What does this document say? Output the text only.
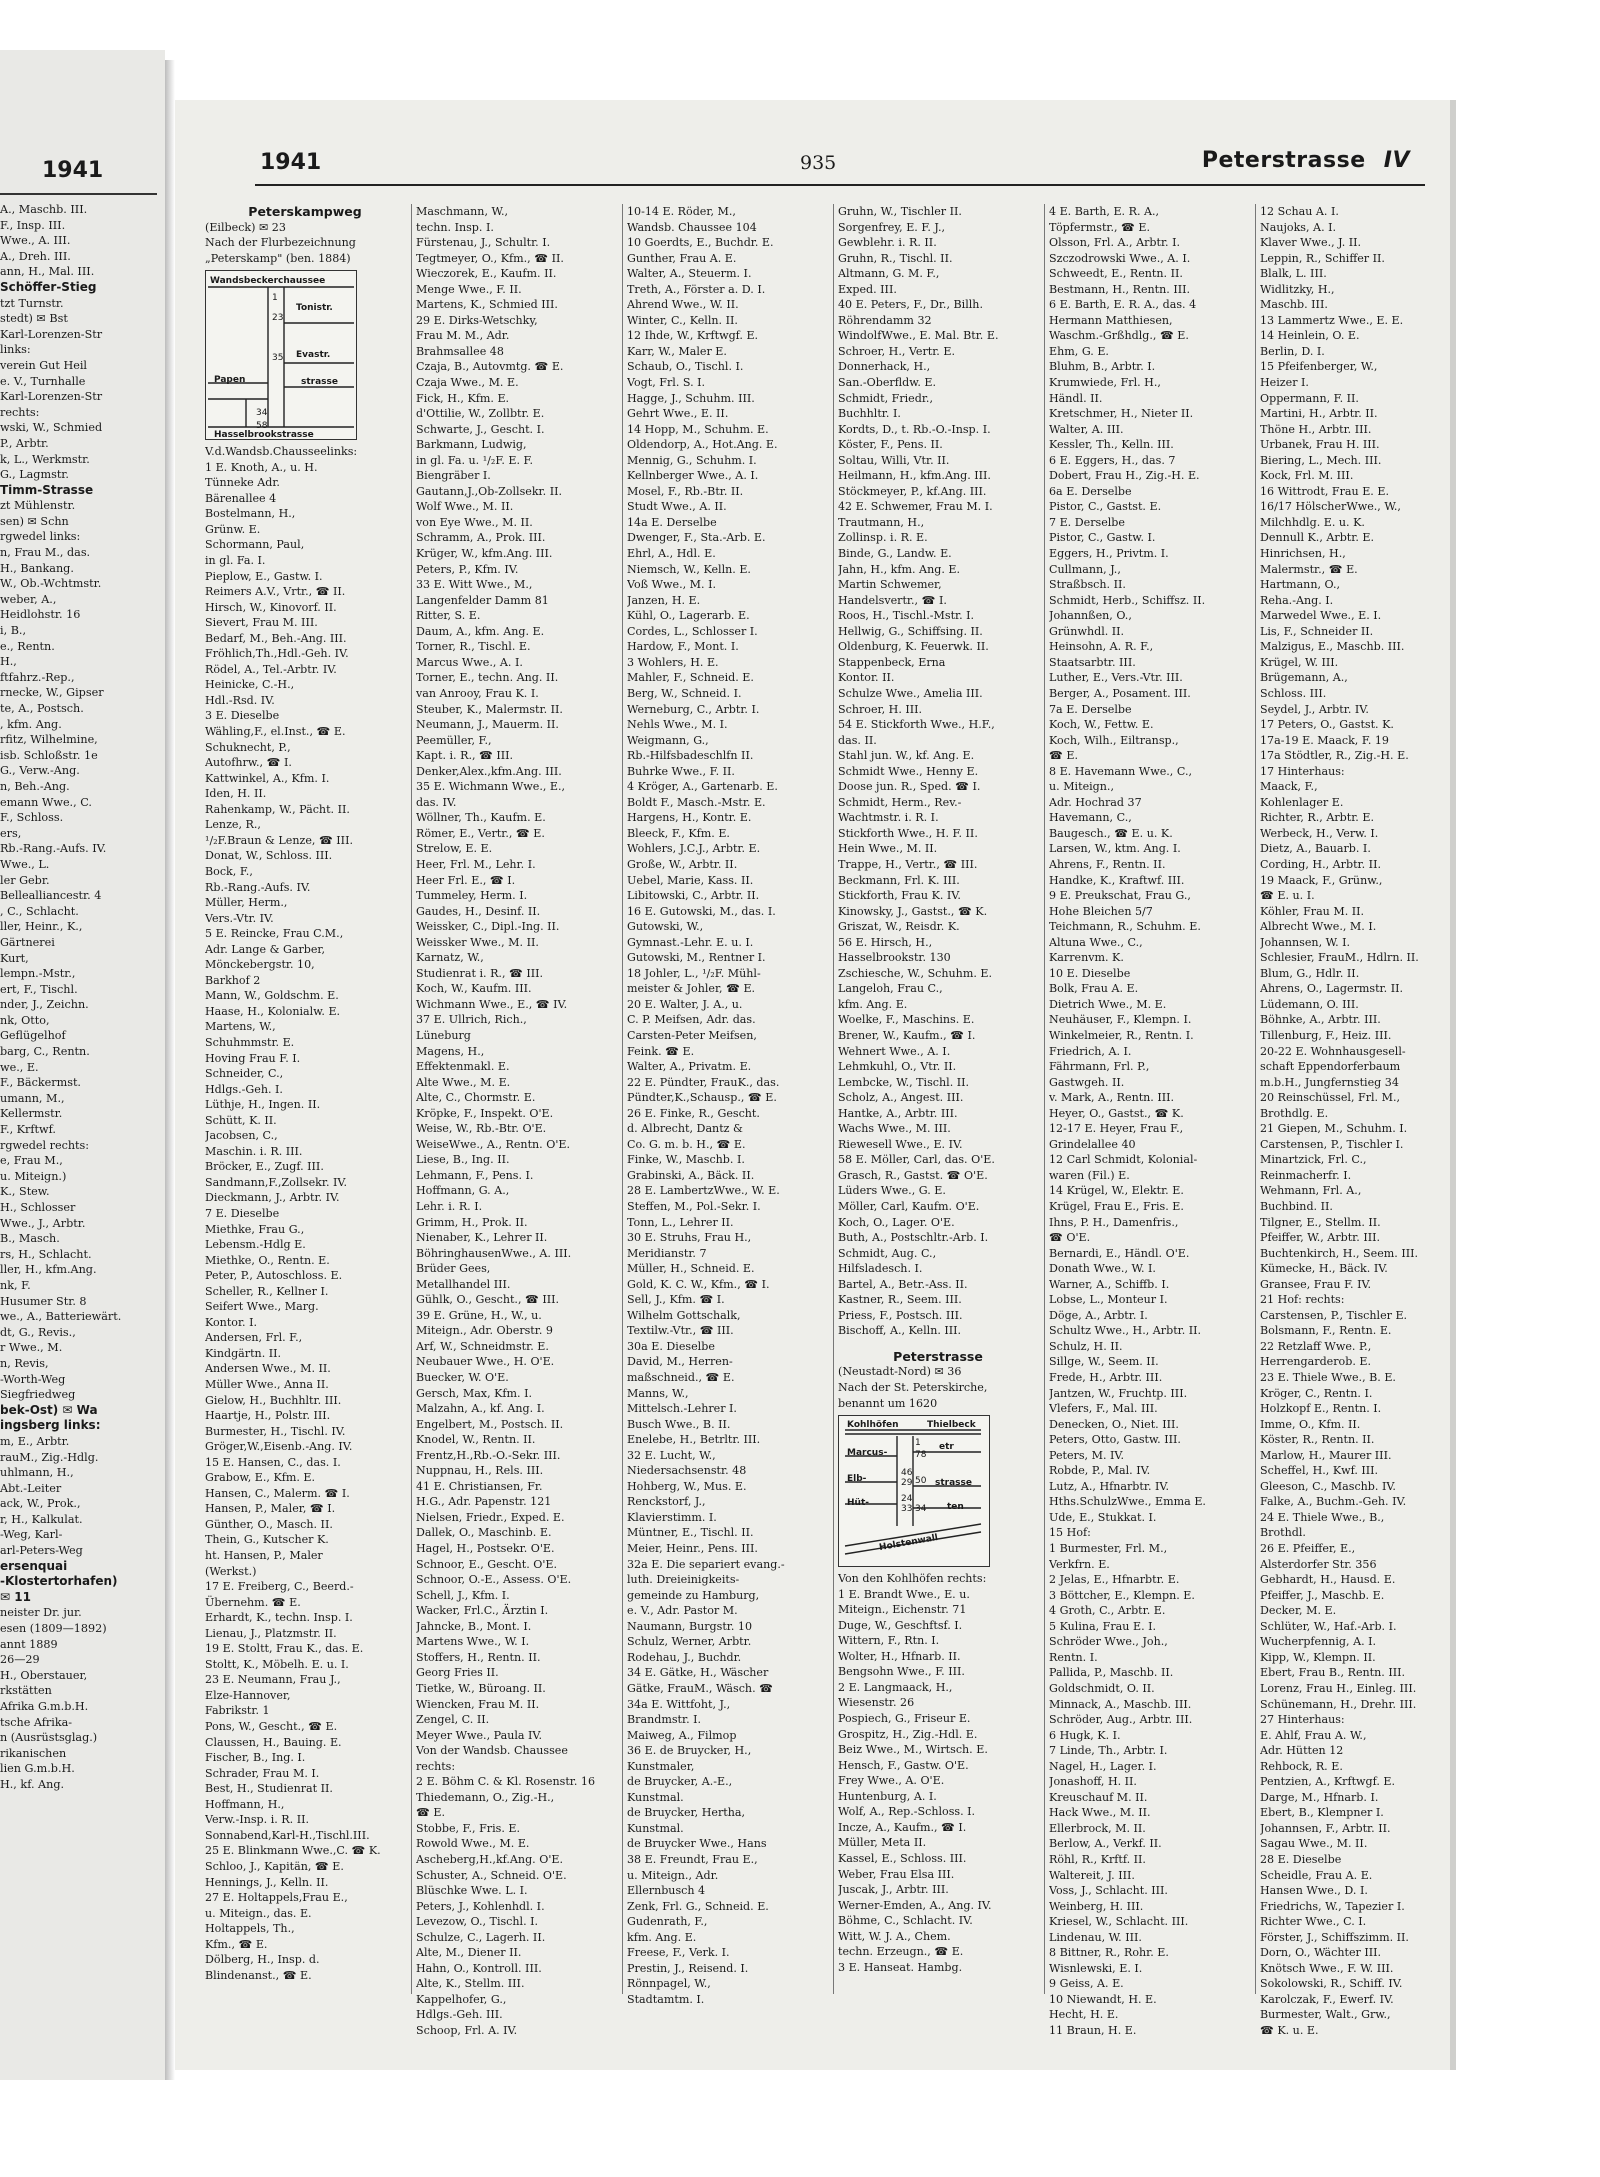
1941
A., Maschb. III.
F., Insp. III.
Wwe., A. III.
A., Dreh. III.
ann, H., Mal. III.
Schöffer-Stieg
tzt Turnstr.
stedt) ✉ Bst
Karl-Lorenzen-Str
links:
verein Gut Heil
e. V., Turnhalle
Karl-Lorenzen-Str
rechts:
wski, W., Schmied
P., Arbtr.
k, L., Werkmstr.
G., Lagmstr.
Timm-Strasse
zt Mühlenstr.
sen) ✉ Schn
rgwedel links:
n, Frau M., das.
H., Bankang.
W., Ob.-Wchtmstr.
weber, A.,
Heidlohstr. 16
i, B.,
e., Rentn.
H.,
ftfahrz.-Rep.,
rnecke, W., Gipser
te, A., Postsch.
, kfm. Ang.
rfitz, Wilhelmine,
isb. Schloßstr. 1e
G., Verw.-Ang.
n, Beh.-Ang.
emann Wwe., C.
F., Schloss.
ers,
Rb.-Rang.-Aufs. IV.
Wwe., L.
ler Gebr.
Bellealliancestr. 4
, C., Schlacht.
ller, Heinr., K.,
Gärtnerei
Kurt,
lempn.-Mstr.,
ert, F., Tischl.
nder, J., Zeichn.
nk, Otto,
Geflügelhof
barg, C., Rentn.
we., E.
F., Bäckermst.
umann, M.,
Kellermstr.
F., Krftwf.
rgwedel rechts:
e, Frau M.,
u. Miteign.)
K., Stew.
H., Schlosser
Wwe., J., Arbtr.
B., Masch.
rs, H., Schlacht.
ller, H., kfm.Ang.
nk, F.
Husumer Str. 8
we., A., Batteriewärt.
dt, G., Revis.,
r Wwe., M.
n, Revis,
-Worth-Weg
Siegfriedweg
bek-Ost) ✉ Wa
ingsberg links:
m, E., Arbtr.
rauM., Zig.-Hdlg.
uhlmann, H.,
Abt.-Leiter
ack, W., Prok.,
r, H., Kalkulat.
-Weg, Karl-
arl-Peters-Weg
ersenquai
-Klostertorhafen)
✉ 11
neister Dr. jur.
esen (1809—1892)
annt 1889
26—29
H., Oberstauer,
rkstätten
Afrika G.m.b.H.
tsche Afrika-
n (Ausrüstsglag.)
rikanischen
lien G.m.b.H.
H., kf. Ang.
1941	935	Peterstrasse IV
Peterskampweg
(Eilbeck) ✉ 23
Nach der Flurbezeichnung
„Peterskamp" (ben. 1884)
Wandsbeckerchaussee
Tonistr.
Evastr.
strasse
Papen
Hasselbrookstrasse
1
23
35
34
58
V.d.Wandsb.Chausseelinks:
1 E. Knoth, A., u. H.
Tünneke Adr.
Bärenallee 4
Bostelmann, H.,
Grünw. E.
Schormann, Paul,
in gl. Fa. I.
Pieplow, E., Gastw. I.
Reimers A.V., Vrtr., ☎ II.
Hirsch, W., Kinovorf. II.
Sievert, Frau M. III.
Bedarf, M., Beh.-Ang. III.
Fröhlich,Th.,Hdl.-Geh. IV.
Rödel, A., Tel.-Arbtr. IV.
Heinicke, C.-H.,
Hdl.-Rsd. IV.
3 E. Dieselbe
Wähling,F., el.Inst., ☎ E.
Schuknecht, P.,
Autofhrw., ☎ I.
Kattwinkel, A., Kfm. I.
Iden, H. II.
Rahenkamp, W., Pächt. II.
Lenze, R.,
¹/₂F.Braun & Lenze, ☎ III.
Donat, W., Schloss. III.
Bock, F.,
Rb.-Rang.-Aufs. IV.
Müller, Herm.,
Vers.-Vtr. IV.
5 E. Reincke, Frau C.M.,
Adr. Lange & Garber,
Mönckebergstr. 10,
Barkhof 2
Mann, W., Goldschm. E.
Haase, H., Kolonialw. E.
Martens, W.,
Schuhmmstr. E.
Hoving Frau F. I.
Schneider, C.,
Hdlgs.-Geh. I.
Lüthje, H., Ingen. II.
Schütt, K. II.
Jacobsen, C.,
Maschin. i. R. III.
Bröcker, E., Zugf. III.
Sandmann,F.,Zollsekr. IV.
Dieckmann, J., Arbtr. IV.
7 E. Dieselbe
Miethke, Frau G.,
Lebensm.-Hdlg E.
Miethke, O., Rentn. E.
Peter, P., Autoschloss. E.
Scheller, R., Kellner I.
Seifert Wwe., Marg.
Kontor. I.
Andersen, Frl. F.,
Kindgärtn. II.
Andersen Wwe., M. II.
Müller Wwe., Anna II.
Gielow, H., Buchhltr. III.
Haartje, H., Polstr. III.
Burmester, H., Tischl. IV.
Gröger,W.,Eisenb.-Ang. IV.
15 E. Hansen, C., das. I.
Grabow, E., Kfm. E.
Hansen, C., Malerm. ☎ I.
Hansen, P., Maler, ☎ I.
Günther, O., Masch. II.
Thein, G., Kutscher K.
ht. Hansen, P., Maler
(Werkst.)
17 E. Freiberg, C., Beerd.-
Übernehm. ☎ E.
Erhardt, K., techn. Insp. I.
Lienau, J., Platzmstr. II.
19 E. Stoltt, Frau K., das. E.
Stoltt, K., Möbelh. E. u. I.
23 E. Neumann, Frau J.,
Elze-Hannover,
Fabrikstr. 1
Pons, W., Gescht., ☎ E.
Claussen, H., Bauing. E.
Fischer, B., Ing. I.
Schrader, Frau M. I.
Best, H., Studienrat II.
Hoffmann, H.,
Verw.-Insp. i. R. II.
Sonnabend,Karl-H.,Tischl.III.
25 E. Blinkmann Wwe.,C. ☎ K.
Schloo, J., Kapitän, ☎ E.
Hennings, J., Kelln. II.
27 E. Holtappels,Frau E.,
u. Miteign., das. E.
Holtappels, Th.,
Kfm., ☎ E.
Dölberg, H., Insp. d.
Blindenanst., ☎ E.
Maschmann, W.,
techn. Insp. I.
Fürstenau, J., Schultr. I.
Tegtmeyer, O., Kfm., ☎ II.
Wieczorek, E., Kaufm. II.
Menge Wwe., F. II.
Martens, K., Schmied III.
29 E. Dirks-Wetschky,
Frau M. M., Adr.
Brahmsallee 48
Czaja, B., Autovmtg. ☎ E.
Czaja Wwe., M. E.
Fick, H., Kfm. E.
d'Ottilie, W., Zollbtr. E.
Schwarte, J., Gescht. I.
Barkmann, Ludwig,
in gl. Fa. u. ¹/₂F. E. F.
Biengräber I.
Gautann,J.,Ob-Zollsekr. II.
Wolf Wwe., M. II.
von Eye Wwe., M. II.
Schramm, A., Prok. III.
Krüger, W., kfm.Ang. III.
Peters, P., Kfm. IV.
33 E. Witt Wwe., M.,
Langenfelder Damm 81
Ritter, S. E.
Daum, A., kfm. Ang. E.
Torner, R., Tischl. E.
Marcus Wwe., A. I.
Torner, E., techn. Ang. II.
van Anrooy, Frau K. I.
Steuber, K., Malermstr. II.
Neumann, J., Mauerm. II.
Peemüller, F.,
Kapt. i. R., ☎ III.
Denker,Alex.,kfm.Ang. III.
35 E. Wichmann Wwe., E.,
das. IV.
Wöllner, Th., Kaufm. E.
Römer, E., Vertr., ☎ E.
Strelow, E. E.
Heer, Frl. M., Lehr. I.
Heer Frl. E., ☎ I.
Tummeley, Herm. I.
Gaudes, H., Desinf. II.
Weissker, C., Dipl.-Ing. II.
Weissker Wwe., M. II.
Karnatz, W.,
Studienrat i. R., ☎ III.
Koch, W., Kaufm. III.
Wichmann Wwe., E., ☎ IV.
37 E. Ullrich, Rich.,
Lüneburg
Magens, H.,
Effektenmakl. E.
Alte Wwe., M. E.
Alte, C., Chormstr. E.
Kröpke, F., Inspekt. O'E.
Weise, W., Rb.-Btr. O'E.
WeiseWwe., A., Rentn. O'E.
Liese, B., Ing. II.
Lehmann, F., Pens. I.
Hoffmann, G. A.,
Lehr. i. R. I.
Grimm, H., Prok. II.
Nienaber, K., Lehrer II.
BöhringhausenWwe., A. III.
Brüder Gees,
Metallhandel III.
Gühlk, O., Gescht., ☎ III.
39 E. Grüne, H., W., u.
Miteign., Adr. Oberstr. 9
Arf, W., Schneidmstr. E.
Neubauer Wwe., H. O'E.
Buecker, W. O'E.
Gersch, Max, Kfm. I.
Malzahn, A., kf. Ang. I.
Engelbert, M., Postsch. II.
Knodel, W., Rentn. II.
Frentz,H.,Rb.-O.-Sekr. III.
Nuppnau, H., Rels. III.
41 E. Christiansen, Fr.
H.G., Adr. Papenstr. 121
Nielsen, Friedr., Exped. E.
Dallek, O., Maschinb. E.
Hagel, H., Postsekr. O'E.
Schnoor, E., Gescht. O'E.
Schnoor, O.-E., Assess. O'E.
Schell, J., Kfm. I.
Wacker, Frl.C., Ärztin I.
Jahncke, B., Mont. I.
Martens Wwe., W. I.
Stoffers, H., Rentn. II.
Georg Fries II.
Tietke, W., Büroang. II.
Wiencken, Frau M. II.
Zengel, C. II.
Meyer Wwe., Paula IV.
Von der Wandsb. Chaussee
rechts:
2 E. Böhm C. & Kl. Rosenstr. 16
Thiedemann, O., Zig.-H.,
☎ E.
Stobbe, F., Fris. E.
Rowold Wwe., M. E.
Ascheberg,H.,kf.Ang. O'E.
Schuster, A., Schneid. O'E.
Blüschke Wwe. L. I.
Peters, J., Kohlenhdl. I.
Levezow, O., Tischl. I.
Schulze, C., Lagerh. II.
Alte, M., Diener II.
Hahn, O., Kontroll. III.
Alte, K., Stellm. III.
Kappelhofer, G.,
Hdlgs.-Geh. III.
Schoop, Frl. A. IV.
10-14 E. Röder, M.,
Wandsb. Chaussee 104
10 Goerdts, E., Buchdr. E.
Gunther, Frau A. E.
Walter, A., Steuerm. I.
Treth, A., Förster a. D. I.
Ahrend Wwe., W. II.
Winter, C., Kelln. II.
12 Ihde, W., Krftwgf. E.
Karr, W., Maler E.
Schaub, O., Tischl. I.
Vogt, Frl. S. I.
Hagge, J., Schuhm. III.
Gehrt Wwe., E. II.
14 Hopp, M., Schuhm. E.
Oldendorp, A., Hot.Ang. E.
Mennig, G., Schuhm. I.
Kellnberger Wwe., A. I.
Mosel, F., Rb.-Btr. II.
Studt Wwe., A. II.
14a E. Derselbe
Dwenger, F., Sta.-Arb. E.
Ehrl, A., Hdl. E.
Niemsch, W., Kelln. E.
Voß Wwe., M. I.
Janzen, H. E.
Kühl, O., Lagerarb. E.
Cordes, L., Schlosser I.
Hardow, F., Mont. I.
3 Wohlers, H. E.
Mahler, F., Schneid. E.
Berg, W., Schneid. I.
Werneburg, C., Arbtr. I.
Nehls Wwe., M. I.
Weigmann, G.,
Rb.-Hilfsbadeschlfn II.
Buhrke Wwe., F. II.
4 Kröger, A., Gartenarb. E.
Boldt F., Masch.-Mstr. E.
Hargens, H., Kontr. E.
Bleeck, F., Kfm. E.
Wohlers, J.C.J., Arbtr. E.
Große, W., Arbtr. II.
Uebel, Marie, Kass. II.
Libitowski, C., Arbtr. II.
16 E. Gutowski, M., das. I.
Gutowski, W.,
Gymnast.-Lehr. E. u. I.
Gutowski, M., Rentner I.
18 Johler, L., ¹/₂F. Mühl-
meister & Johler, ☎ E.
20 E. Walter, J. A., u.
C. P. Meifsen, Adr. das.
Carsten-Peter Meifsen,
Feink. ☎ E.
Walter, A., Privatm. E.
22 E. Pündter, FrauK., das.
Pündter,K.,Schausp., ☎ E.
26 E. Finke, R., Gescht.
d. Albrecht, Dantz &
Co. G. m. b. H., ☎ E.
Finke, W., Maschb. I.
Grabinski, A., Bäck. II.
28 E. LambertzWwe., W. E.
Steffen, M., Pol.-Sekr. I.
Tonn, L., Lehrer II.
30 E. Struhs, Frau H.,
Meridianstr. 7
Müller, H., Schneid. E.
Gold, K. C. W., Kfm., ☎ I.
Sell, J., Kfm. ☎ I.
Wilhelm Gottschalk,
Textilw.-Vtr., ☎ III.
30a E. Dieselbe
David, M., Herren-
maßschneid., ☎ E.
Manns, W.,
Mittelsch.-Lehrer I.
Busch Wwe., B. II.
Enelebe, H., Betrltr. III.
32 E. Lucht, W.,
Niedersachsenstr. 48
Hohberg, W., Mus. E.
Renckstorf, J.,
Klavierstimm. I.
Müntner, E., Tischl. II.
Meier, Heinr., Pens. III.
32a E. Die separiert evang.-
luth. Dreieinigkeits-
gemeinde zu Hamburg,
e. V., Adr. Pastor M.
Naumann, Burgstr. 10
Schulz, Werner, Arbtr.
Rodehau, J., Buchdr.
34 E. Gätke, H., Wäscher
Gätke, FrauM., Wäsch. ☎
34a E. Wittfoht, J.,
Brandmstr. I.
Maiweg, A., Filmop
36 E. de Bruycker, H.,
Kunstmaler,
de Bruycker, A.-E.,
Kunstmal.
de Bruycker, Hertha,
Kunstmal.
de Bruycker Wwe., Hans
38 E. Freundt, Frau E.,
u. Miteign., Adr.
Ellernbusch 4
Zenk, Frl. G., Schneid. E.
Gudenrath, F.,
kfm. Ang. E.
Freese, F., Verk. I.
Prestin, J., Reisend. I.
Rönnpagel, W.,
Stadtamtm. I.
Gruhn, W., Tischler II.
Sorgenfrey, E. F. J.,
Gewblehr. i. R. II.
Gruhn, R., Tischl. II.
Altmann, G. M. F.,
Exped. III.
40 E. Peters, F., Dr., Billh.
Röhrendamm 32
WindolfWwe., E. Mal. Btr. E.
Schroer, H., Vertr. E.
Donnerhack, H.,
San.-Oberfldw. E.
Schmidt, Friedr.,
Buchhltr. I.
Kordts, D., t. Rb.-O.-Insp. I.
Köster, F., Pens. II.
Soltau, Willi, Vtr. II.
Heilmann, H., kfm.Ang. III.
Stöckmeyer, P., kf.Ang. III.
42 E. Schwemer, Frau M. I.
Trautmann, H.,
Zollinsp. i. R. E.
Binde, G., Landw. E.
Jahn, H., kfm. Ang. E.
Martin Schwemer,
Handelsvertr., ☎ I.
Roos, H., Tischl.-Mstr. I.
Hellwig, G., Schiffsing. II.
Oldenburg, K. Feuerwk. II.
Stappenbeck, Erna
Kontor. II.
Schulze Wwe., Amelia III.
Schroer, H. III.
54 E. Stickforth Wwe., H.F.,
das. II.
Stahl jun. W., kf. Ang. E.
Schmidt Wwe., Henny E.
Doose jun. R., Sped. ☎ I.
Schmidt, Herm., Rev.-
Wachtmstr. i. R. I.
Stickforth Wwe., H. F. II.
Hein Wwe., M. II.
Trappe, H., Vertr., ☎ III.
Beckmann, Frl. K. III.
Stickforth, Frau K. IV.
Kinowsky, J., Gastst., ☎ K.
Griszat, W., Reisdr. K.
56 E. Hirsch, H.,
Hasselbrookstr. 130
Zschiesche, W., Schuhm. E.
Langeloh, Frau C.,
kfm. Ang. E.
Woelke, F., Maschins. E.
Brener, W., Kaufm., ☎ I.
Wehnert Wwe., A. I.
Lehmkuhl, O., Vtr. II.
Lembcke, W., Tischl. II.
Scholz, A., Angest. III.
Hantke, A., Arbtr. III.
Wachs Wwe., M. III.
Riewesell Wwe., E. IV.
58 E. Möller, Carl, das. O'E.
Grasch, R., Gastst. ☎ O'E.
Lüders Wwe., G. E.
Möller, Carl, Kaufm. O'E.
Koch, O., Lager. O'E.
Buth, A., Postschltr.-Arb. I.
Schmidt, Aug. C.,
Hilfsladesch. I.
Bartel, A., Betr.-Ass. II.
Kastner, R., Seem. III.
Priess, F., Postsch. III.
Bischoff, A., Kelln. III.
Peterstrasse
(Neustadt-Nord) ✉ 36
Nach der St. Peterskirche,
benannt um 1620
Kohlhöfen	Thielbeck
Marcus-
Elb-
Hüt-
etr
strasse
ten
Holstenwall
1
78
46
29 50
24
33 34
Von den Kohlhöfen rechts:
1 E. Brandt Wwe., E. u.
Miteign., Eichenstr. 71
Duge, W., Geschftsf. I.
Wittern, F., Rtn. I.
Wolter, H., Hfnarb. II.
Bengsohn Wwe., F. III.
2 E. Langmaack, H.,
Wiesenstr. 26
Pospiech, G., Friseur E.
Grospitz, H., Zig.-Hdl. E.
Beiz Wwe., M., Wirtsch. E.
Hensch, F., Gastw. O'E.
Frey Wwe., A. O'E.
Huntenburg, A. I.
Wolf, A., Rep.-Schloss. I.
Incze, A., Kaufm., ☎ I.
Müller, Meta II.
Kassel, E., Schloss. III.
Weber, Frau Elsa III.
Juscak, J., Arbtr. III.
Werner-Emden, A., Ang. IV.
Böhme, C., Schlacht. IV.
Witt, W. J. A., Chem.
techn. Erzeugn., ☎ E.
3 E. Hanseat. Hambg.
4 E. Barth, E. R. A.,
Töpfermstr., ☎ E.
Olsson, Frl. A., Arbtr. I.
Szczodrowski Wwe., A. I.
Schweedt, E., Rentn. II.
Bestmann, H., Rentn. III.
6 E. Barth, E. R. A., das. 4
Hermann Matthiesen,
Waschm.-Grßhdlg., ☎ E.
Ehm, G. E.
Bluhm, B., Arbtr. I.
Krumwiede, Frl. H.,
Händl. II.
Kretschmer, H., Nieter II.
Walter, A. III.
Kessler, Th., Kelln. III.
6 E. Eggers, H., das. 7
Dobert, Frau H., Zig.-H. E.
6a E. Derselbe
Pistor, C., Gastst. E.
7 E. Derselbe
Pistor, C., Gastw. I.
Eggers, H., Privtm. I.
Cullmann, J.,
Straßbsch. II.
Schmidt, Herb., Schiffsz. II.
Johannßen, O.,
Grünwhdl. II.
Heinsohn, A. R. F.,
Staatsarbtr. III.
Luther, E., Vers.-Vtr. III.
Berger, A., Posament. III.
7a E. Derselbe
Koch, W., Fettw. E.
Koch, Wilh., Eiltransp.,
☎ E.
8 E. Havemann Wwe., C.,
u. Miteign.,
Adr. Hochrad 37
Havemann, C.,
Baugesch., ☎ E. u. K.
Larsen, W., ktm. Ang. I.
Ahrens, F., Rentn. II.
Handke, K., Kraftwf. III.
9 E. Preukschat, Frau G.,
Hohe Bleichen 5/7
Teichmann, R., Schuhm. E.
Altuna Wwe., C.,
Karrenvm. K.
10 E. Dieselbe
Bolk, Frau A. E.
Dietrich Wwe., M. E.
Neuhäuser, F., Klempn. I.
Winkelmeier, R., Rentn. I.
Friedrich, A. I.
Fährmann, Frl. P.,
Gastwgeh. II.
v. Mark, A., Rentn. III.
Heyer, O., Gastst., ☎ K.
12-17 E. Heyer, Frau F.,
Grindelallee 40
12 Carl Schmidt, Kolonial-
waren (Fil.) E.
14 Krügel, W., Elektr. E.
Krügel, Frau E., Fris. E.
Ihns, P. H., Damenfris.,
☎ O'E.
Bernardi, E., Händl. O'E.
Donath Wwe., W. I.
Warner, A., Schiffb. I.
Lobse, L., Monteur I.
Döge, A., Arbtr. I.
Schultz Wwe., H., Arbtr. II.
Schulz, H. II.
Sillge, W., Seem. II.
Frede, H., Arbtr. III.
Jantzen, W., Fruchtp. III.
Vlefers, F., Mal. III.
Denecken, O., Niet. III.
Peters, Otto, Gastw. III.
Peters, M. IV.
Robde, P., Mal. IV.
Lutz, A., Hfnarbtr. IV.
Hths.SchulzWwe., Emma E.
Ude, E., Stukkat. I.
15 Hof:
1 Burmester, Frl. M.,
Verkfrn. E.
2 Jelas, E., Hfnarbtr. E.
3 Böttcher, E., Klempn. E.
4 Groth, C., Arbtr. E.
5 Kulina, Frau E. I.
Schröder Wwe., Joh.,
Rentn. I.
Pallida, P., Maschb. II.
Goldschmidt, O. II.
Minnack, A., Maschb. III.
Schröder, Aug., Arbtr. III.
6 Hugk, K. I.
7 Linde, Th., Arbtr. I.
Nagel, H., Lager. I.
Jonashoff, H. II.
Kreuschauf M. II.
Hack Wwe., M. II.
Ellerbrock, M. II.
Berlow, A., Verkf. II.
Röhl, R., Krftf. II.
Waltereit, J. III.
Voss, J., Schlacht. III.
Weinberg, H. III.
Kriesel, W., Schlacht. III.
Lindenau, W. III.
8 Bittner, R., Rohr. E.
Wisnlewski, E. I.
9 Geiss, A. E.
10 Niewandt, H. E.
Hecht, H. E.
11 Braun, H. E.
12 Schau A. I.
Naujoks, A. I.
Klaver Wwe., J. II.
Leppin, R., Schiffer II.
Blalk, L. III.
Widlitzky, H.,
Maschb. III.
13 Lammertz Wwe., E. E.
14 Heinlein, O. E.
Berlin, D. I.
15 Pfeifenberger, W.,
Heizer I.
Oppermann, F. II.
Martini, H., Arbtr. II.
Thöne H., Arbtr. III.
Urbanek, Frau H. III.
Biering, L., Mech. III.
Kock, Frl. M. III.
16 Wittrodt, Frau E. E.
16/17 HölscherWwe., W.,
Milchhdlg. E. u. K.
Dennull K., Arbtr. E.
Hinrichsen, H.,
Malermstr., ☎ E.
Hartmann, O.,
Reha.-Ang. I.
Marwedel Wwe., E. I.
Lis, F., Schneider II.
Malzigus, E., Maschb. III.
Krügel, W. III.
Brügemann, A.,
Schloss. III.
Seydel, J., Arbtr. IV.
17 Peters, O., Gastst. K.
17a-19 E. Maack, F. 19
17a Stödtler, R., Zig.-H. E.
17 Hinterhaus:
Maack, F.,
Kohlenlager E.
Richter, R., Arbtr. E.
Werbeck, H., Verw. I.
Dietz, A., Bauarb. I.
Cording, H., Arbtr. II.
19 Maack, F., Grünw.,
☎ E. u. I.
Köhler, Frau M. II.
Albrecht Wwe., M. I.
Johannsen, W. I.
Schlesier, FrauM., Hdlrn. II.
Blum, G., Hdlr. II.
Ahrens, O., Lagermstr. II.
Lüdemann, O. III.
Böhnke, A., Arbtr. III.
Tillenburg, F., Heiz. III.
20-22 E. Wohnhausgesell-
schaft Eppendorferbaum
m.b.H., Jungfernstieg 34
20 Reinschüssel, Frl. M.,
Brothdlg. E.
21 Giepen, M., Schuhm. I.
Carstensen, P., Tischler I.
Minartzick, Frl. C.,
Reinmacherfr. I.
Wehmann, Frl. A.,
Buchbind. II.
Tilgner, E., Stellm. II.
Pfeiffer, W., Arbtr. III.
Buchtenkirch, H., Seem. III.
Kümecke, H., Bäck. IV.
Gransee, Frau F. IV.
21 Hof: rechts:
Carstensen, P., Tischler E.
Bolsmann, F., Rentn. E.
22 Retzlaff Wwe. P.,
Herrengarderob. E.
23 E. Thiele Wwe., B. E.
Kröger, C., Rentn. I.
Holzkopf E., Rentn. I.
Imme, O., Kfm. II.
Köster, R., Rentn. II.
Marlow, H., Maurer III.
Scheffel, H., Kwf. III.
Gleeson, C., Maschb. IV.
Falke, A., Buchm.-Geh. IV.
24 E. Thiele Wwe., B.,
Brothdl.
26 E. Pfeiffer, E.,
Alsterdorfer Str. 356
Gebhardt, H., Hausd. E.
Pfeiffer, J., Maschb. E.
Decker, M. E.
Schlüter, W., Haf.-Arb. I.
Wucherpfennig, A. I.
Kipp, W., Klempn. II.
Ebert, Frau B., Rentn. III.
Lorenz, Frau H., Einleg. III.
Schünemann, H., Drehr. III.
27 Hinterhaus:
E. Ahlf, Frau A. W.,
Adr. Hütten 12
Rehbock, R. E.
Pentzien, A., Krftwgf. E.
Darge, M., Hfnarb. I.
Ebert, B., Klempner I.
Johannsen, F., Arbtr. II.
Sagau Wwe., M. II.
28 E. Dieselbe
Scheidle, Frau A. E.
Hansen Wwe., D. I.
Friedrichs, W., Tapezier I.
Richter Wwe., C. I.
Förster, J., Schiffszimm. II.
Dorn, O., Wächter III.
Knötsch Wwe., F. W. III.
Sokolowski, R., Schiff. IV.
Karolczak, F., Ewerf. IV.
Burmester, Walt., Grw.,
☎ K. u. E.
